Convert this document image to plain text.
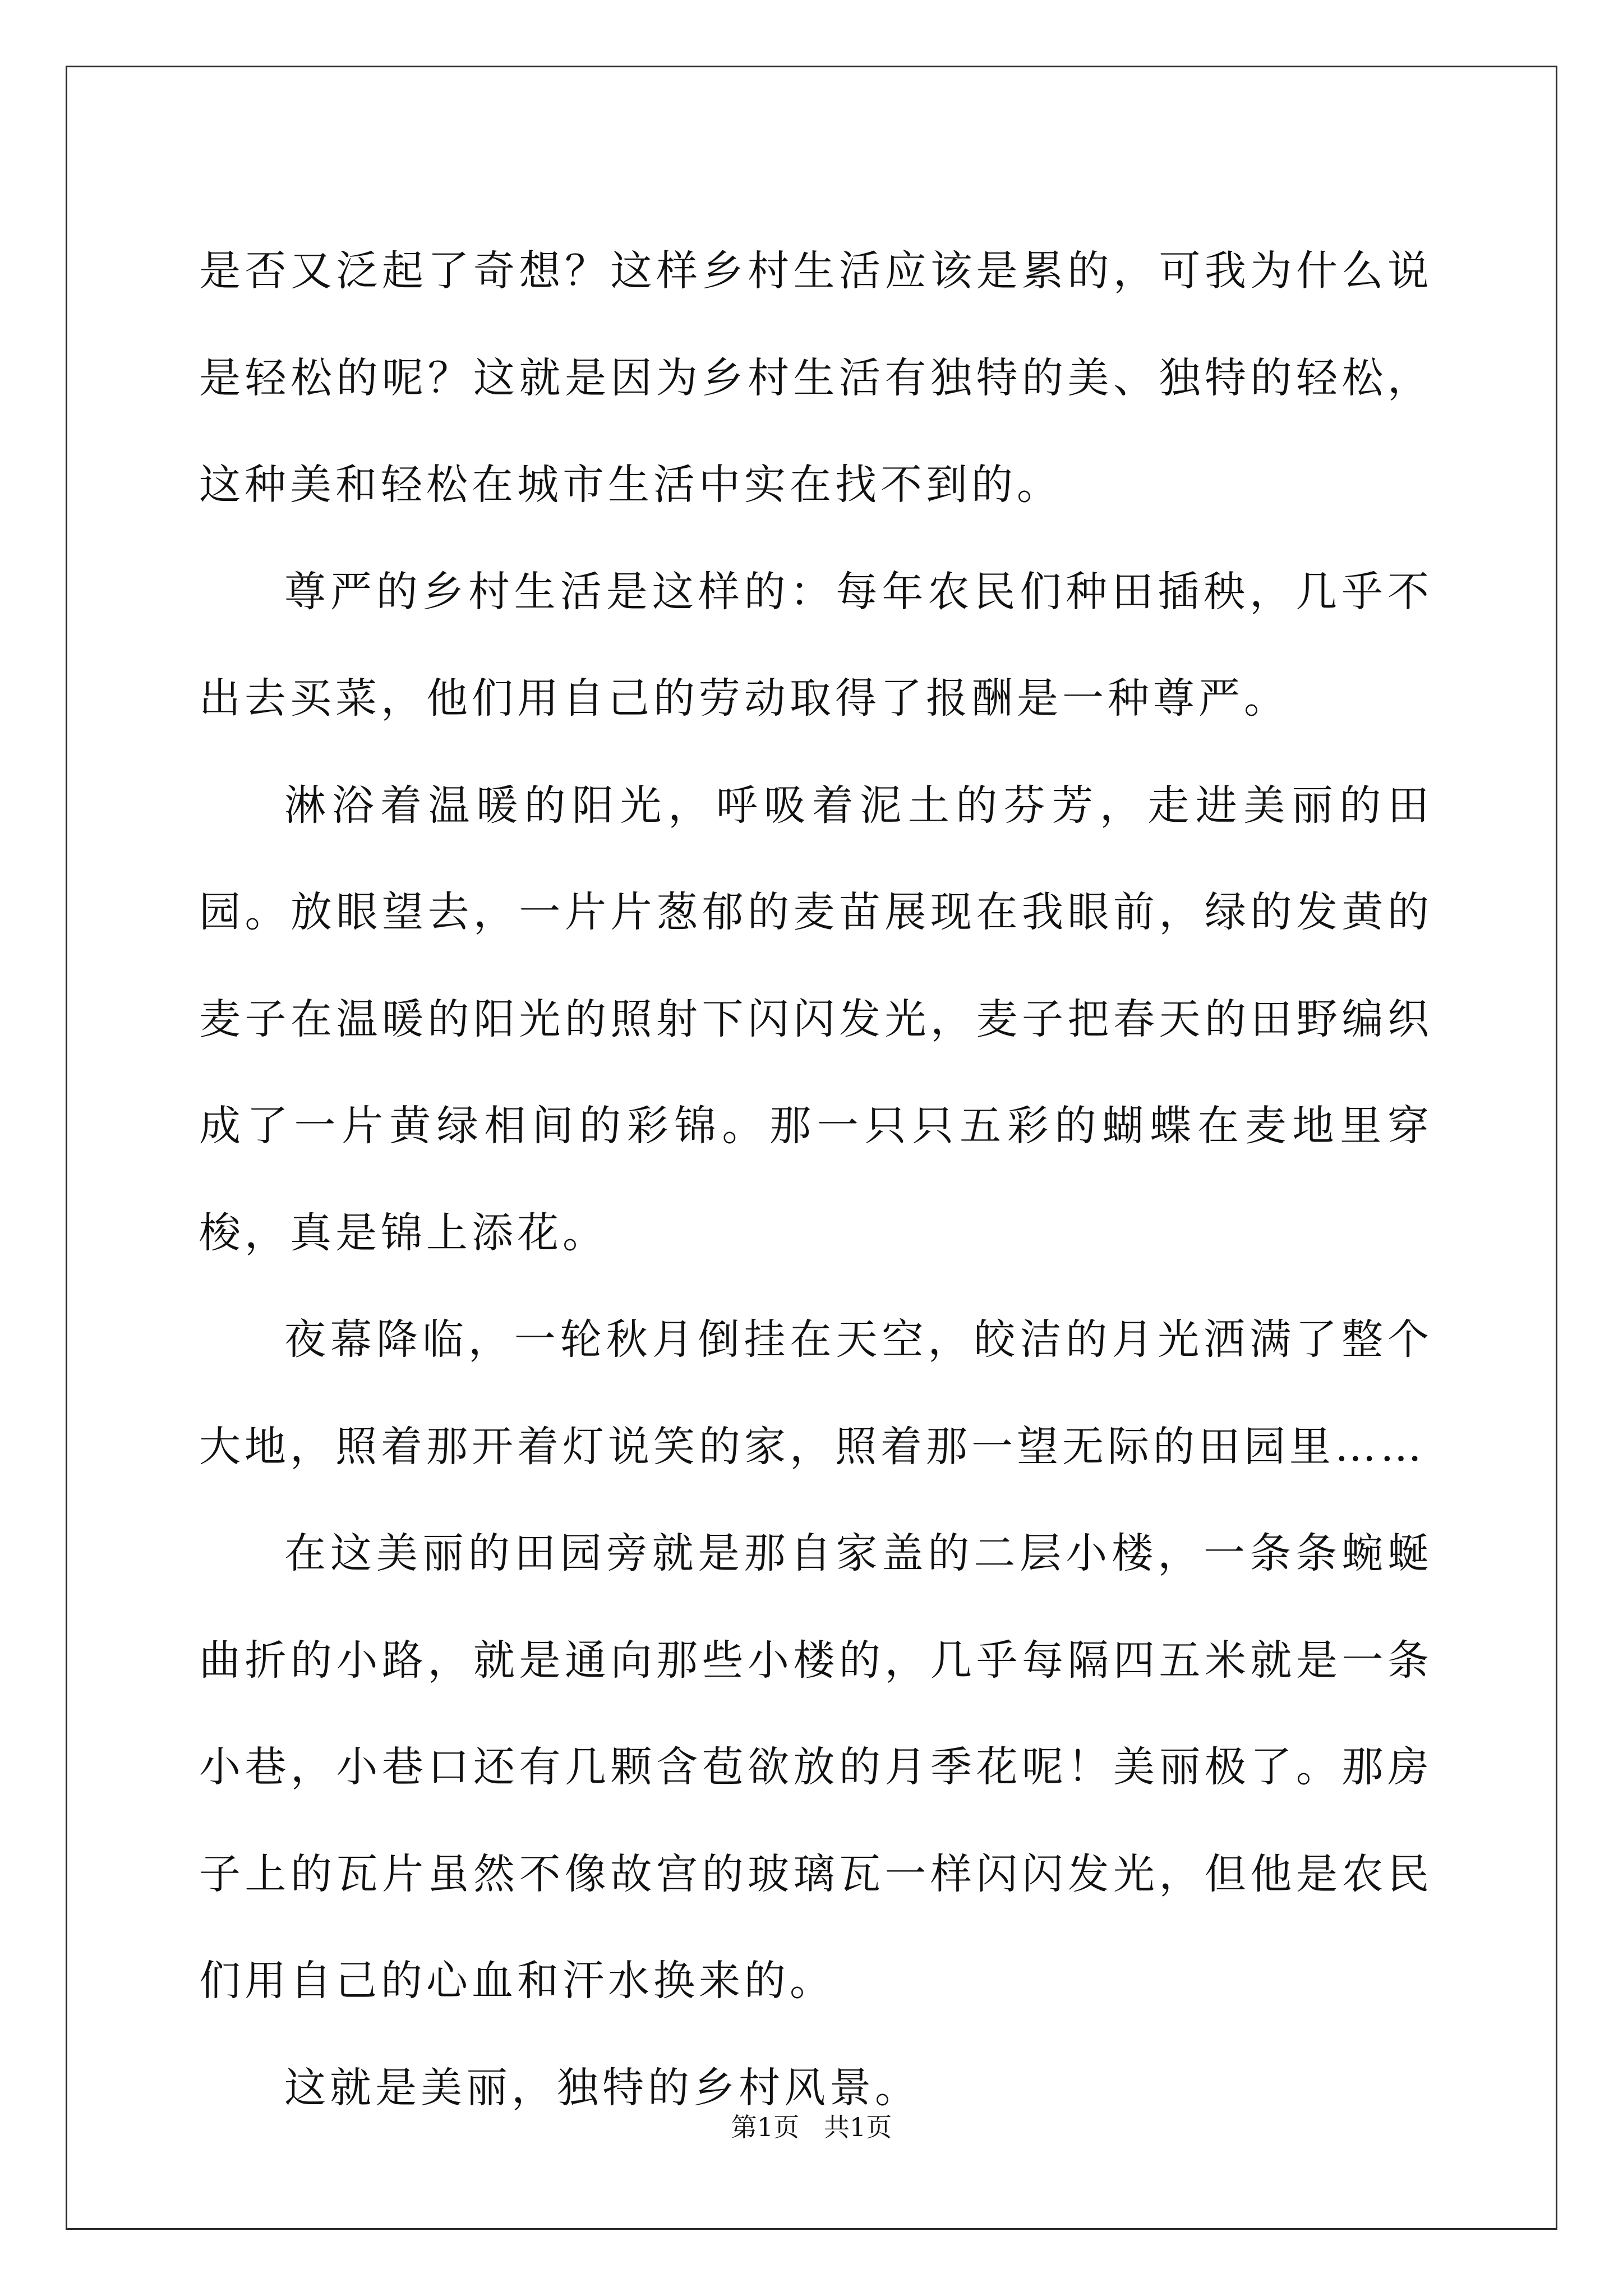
是否又泛起了奇想？这样乡村生活应该是累的，可我为什么说是轻松的呢？这就是因为乡村生活有独特的美、独特的轻松，这种美和轻松在城市生活中实在找不到的。

尊严的乡村生活是这样的：每年农民们种田插秧，几乎不出去买菜，他们用自己的劳动取得了报酬是一种尊严。

淋浴着温暖的阳光，呼吸着泥土的芬芳，走进美丽的田园。放眼望去，一片片葱郁的麦苗展现在我眼前，绿的发黄的麦子在温暖的阳光的照射下闪闪发光，麦子把春天的田野编织成了一片黄绿相间的彩锦。那一只只五彩的蝴蝶在麦地里穿梭，真是锦上添花。

夜幕降临，一轮秋月倒挂在天空，皎洁的月光洒满了整个大地，照着那开着灯说笑的家，照着那一望无际的田园里……

在这美丽的田园旁就是那自家盖的二层小楼，一条条蜿蜒曲折的小路，就是通向那些小楼的，几乎每隔四五米就是一条小巷，小巷口还有几颗含苞欲放的月季花呢！美丽极了。那房子上的瓦片虽然不像故宫的玻璃瓦一样闪闪发光，但他是农民们用自己的心血和汗水换来的。

这就是美丽，独特的乡村风景。

第1页   共1页
